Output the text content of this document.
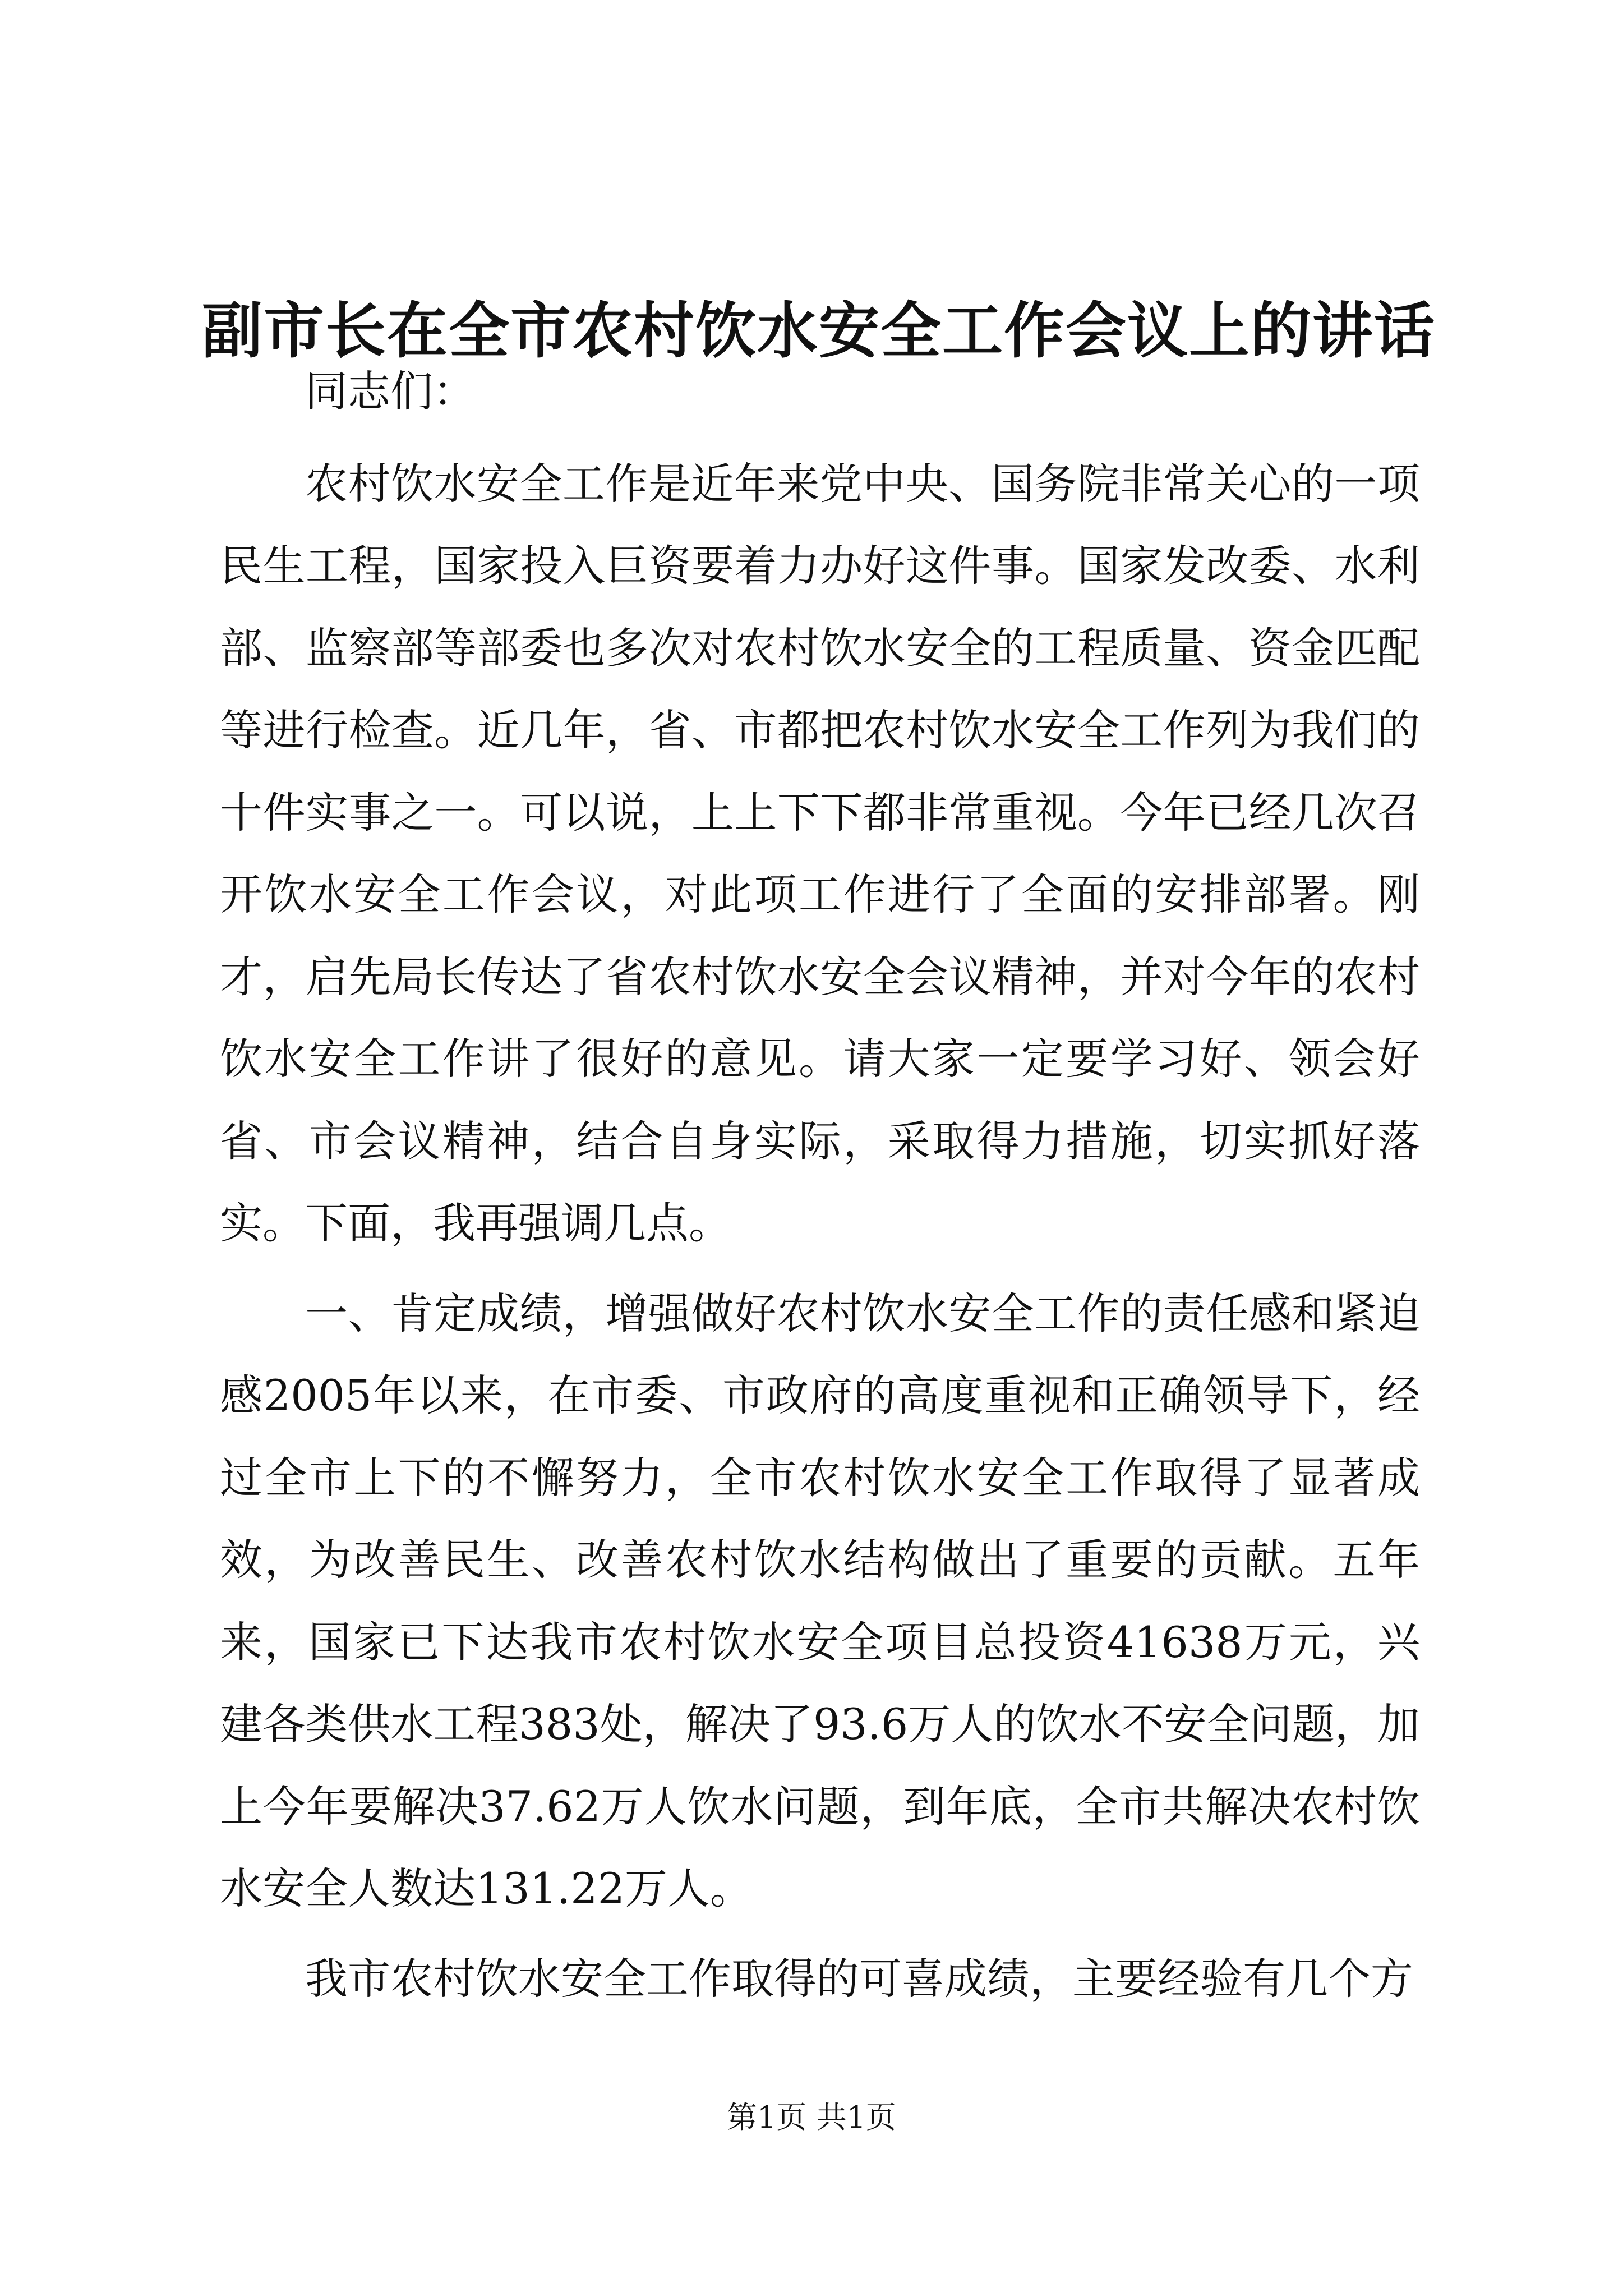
副市长在全市农村饮水安全工作会议上的讲话

同志们：

农村饮水安全工作是近年来党中央、国务院非常关心的一项民生工程，国家投入巨资要着力办好这件事。国家发改委、水利部、监察部等部委也多次对农村饮水安全的工程质量、资金匹配等进行检查。近几年，省、市都把农村饮水安全工作列为我们的十件实事之一。可以说，上上下下都非常重视。今年已经几次召开饮水安全工作会议，对此项工作进行了全面的安排部署。刚才，启先局长传达了省农村饮水安全会议精神，并对今年的农村饮水安全工作讲了很好的意见。请大家一定要学习好、领会好省、市会议精神，结合自身实际，采取得力措施，切实抓好落实。下面，我再强调几点。

一、肯定成绩，增强做好农村饮水安全工作的责任感和紧迫感2005年以来，在市委、市政府的高度重视和正确领导下，经过全市上下的不懈努力，全市农村饮水安全工作取得了显著成效，为改善民生、改善农村饮水结构做出了重要的贡献。五年来，国家已下达我市农村饮水安全项目总投资41638万元，兴建各类供水工程383处，解决了93.6万人的饮水不安全问题，加上今年要解决37.62万人饮水问题，到年底，全市共解决农村饮水安全人数达131.22万人。

我市农村饮水安全工作取得的可喜成绩，主要经验有几个方

第1页 共1页
